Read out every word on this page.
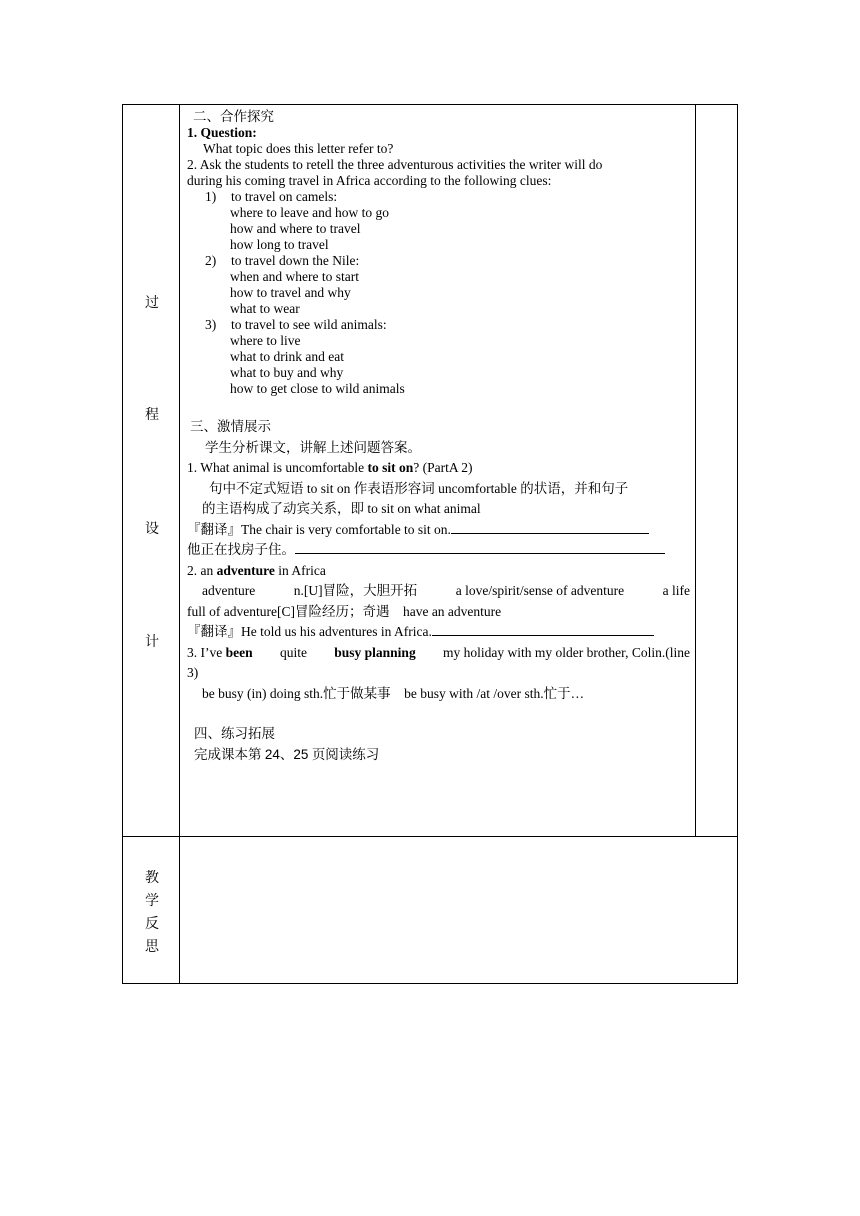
过
程
设
计
教
学
反
思
二、合作探究
1. Question:
What topic does this letter refer to?
2. Ask the students to retell the three adventurous activities the writer will do
during his coming travel in Africa according to the following clues:
1) to travel on camels:
where to leave and how to go
how and where to travel
how long to travel
2) to travel down the Nile:
when and where to start
how to travel and why
what to wear
3) to travel to see wild animals:
where to live
what to drink and eat
what to buy and why
how to get close to wild animals
三、激情展示
学生分析课文，讲解上述问题答案。
1. What animal is uncomfortable to sit on? (PartA 2)
句中不定式短语 to sit on 作表语形容词 uncomfortable 的状语，并和句子
的主语构成了动宾关系，即 to sit on what animal
『翻译』The chair is very comfortable to sit on.
他正在找房子住。
2. an adventure in Africa
adventure	n.[U]冒险，大胆开拓	a love/spirit/sense of adventure	a life
full of adventure[C]冒险经历；奇遇　have an adventure
『翻译』He told us his adventures in Africa.
3. I’ve been quite busy planning my holiday with my older brother, Colin.(line
3)
be busy (in) doing sth.忙于做某事　be busy with /at /over sth.忙于…
四、练习拓展
完成课本第 24、25 页阅读练习
